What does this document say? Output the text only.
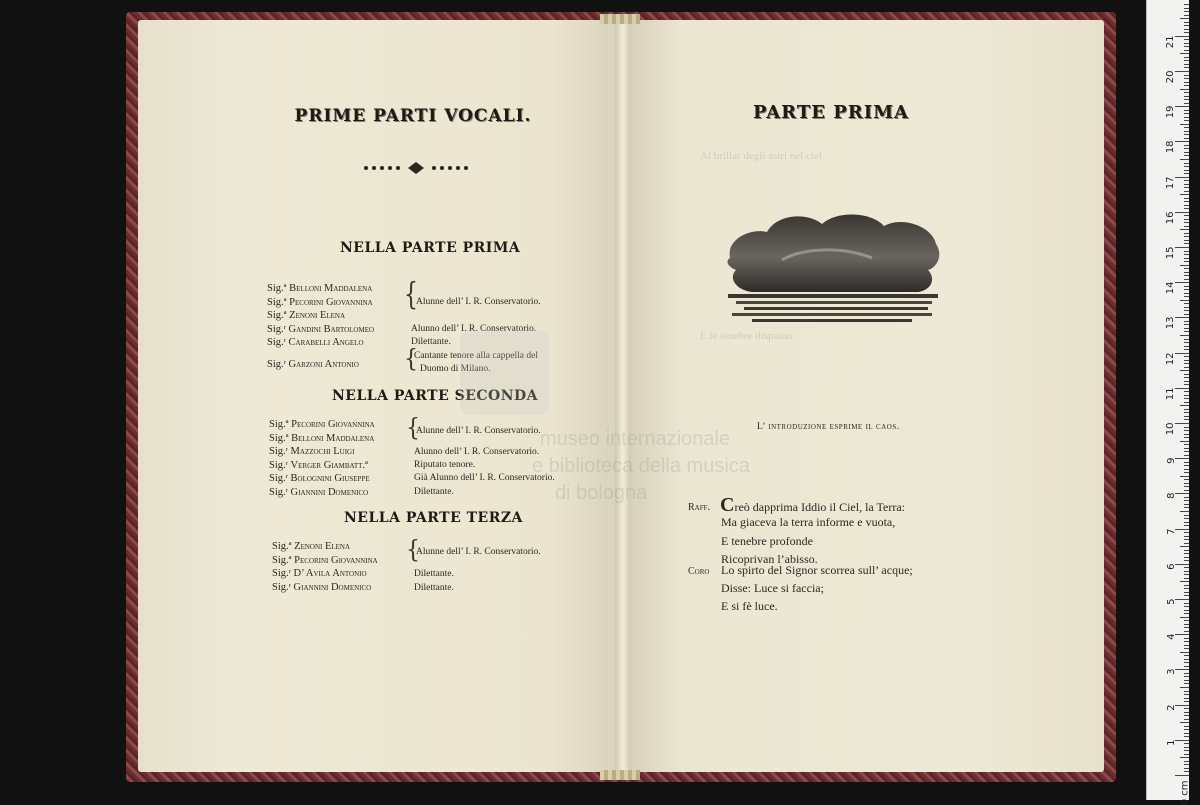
Al brillar degli astri nel ciel
E le tenebre dispaion
PRIME PARTI VOCALI.
NELLA PARTE PRIMA
Sig.ª Belloni Maddalena
Sig.ª Pecorini Giovannina
Sig.ª Zenoni Elena
Sig.ʳ Gandini Bartolomeo
Sig.ʳ Carabelli Angelo
Sig.ʳ Garzoni Antonio
{
Alunne dell’ I. R. Conservatorio.
Alunno dell’ I. R. Conservatorio.
Dilettante.
{
Cantante tenore alla cappella del
Duomo di Milano.
NELLA PARTE SECONDA
Sig.ª Pecorini Giovannina
Sig.ª Belloni Maddalena
Sig.ʳ Mazzochi Luigi
Sig.ʳ Verger Giambatt.ª
Sig.ʳ Bolognini Giuseppe
Sig.ʳ Giannini Domenico
{
Alunne dell’ I. R. Conservatorio.
Alunno dell’ I. R. Conservatorio.
Riputato tenore.
Già Alunno dell’ I. R. Conservatorio.
Dilettante.
NELLA PARTE TERZA
Sig.ª Zenoni Elena
Sig.ª Pecorini Giovannina
Sig.ʳ D’ Avila Antonio
Sig.ʳ Giannini Domenico
{
Alunne dell’ I. R. Conservatorio.
Dilettante.
Dilettante.
museo internazionale
e biblioteca della musica
di bologna
PARTE PRIMA
L’ introduzione esprime il caos.
Raff. Creò dapprima Iddio il Ciel, la Terra:
Ma giaceva la terra informe e vuota,
E tenebre profonde
Ricoprivan l’abisso.
Coro Lo spirto del Signor scorrea sull’ acque;
Disse: Luce si faccia;
E si fè luce.
0 cm
1
2
3
4
5
6
7
8
9
10
11
12
13
14
15
16
17
18
19
20
21
